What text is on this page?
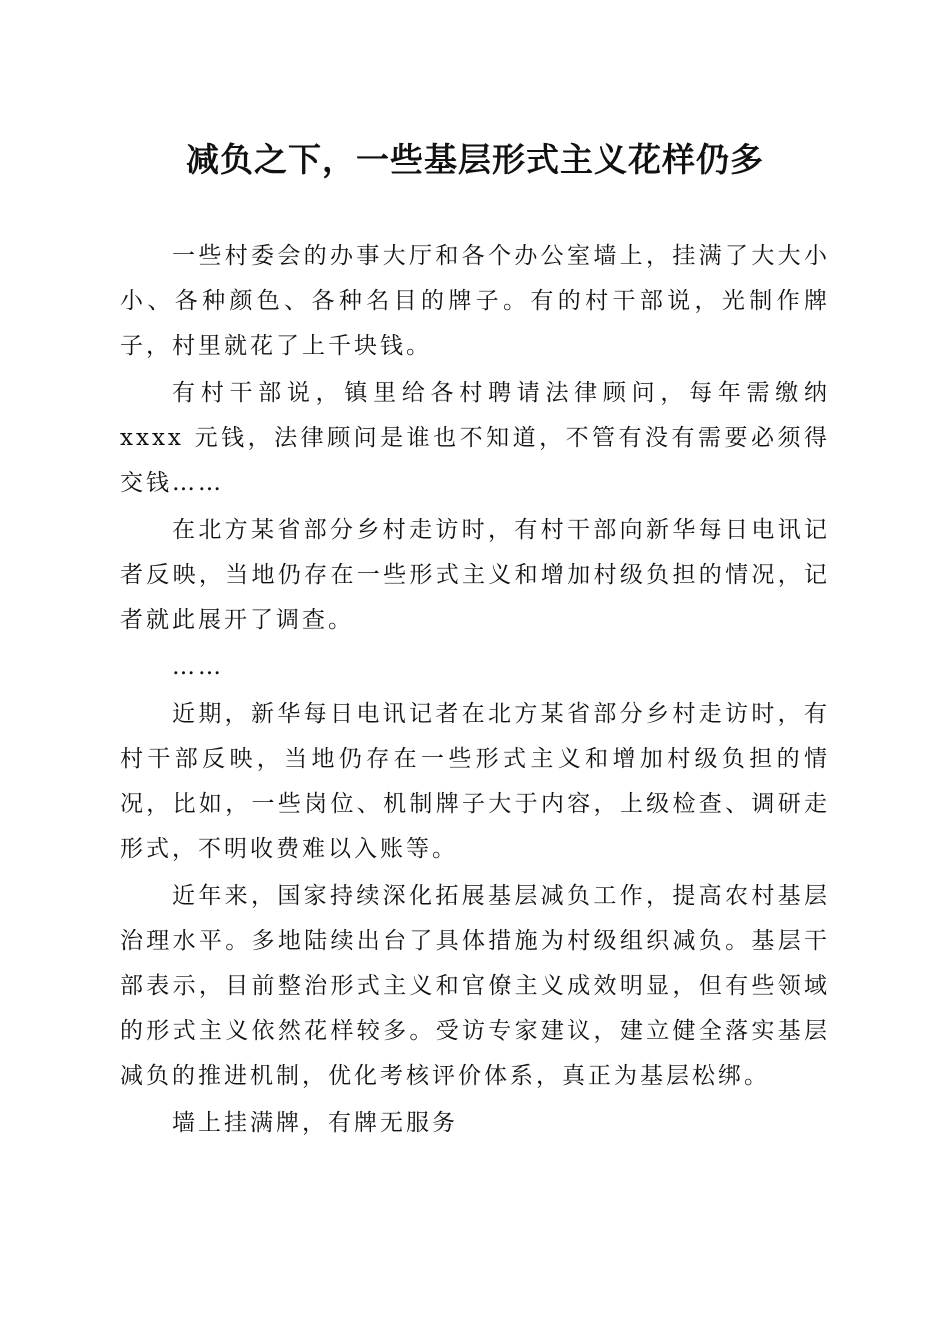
减负之下，一些基层形式主义花样仍多

一些村委会的办事大厅和各个办公室墙上，挂满了大大小小、各种颜色、各种名目的牌子。有的村干部说，光制作牌子，村里就花了上千块钱。

有村干部说，镇里给各村聘请法律顾问，每年需缴纳 xxxx 元钱，法律顾问是谁也不知道，不管有没有需要必须得交钱……

在北方某省部分乡村走访时，有村干部向新华每日电讯记者反映，当地仍存在一些形式主义和增加村级负担的情况，记者就此展开了调查。

……

近期，新华每日电讯记者在北方某省部分乡村走访时，有村干部反映，当地仍存在一些形式主义和增加村级负担的情况，比如，一些岗位、机制牌子大于内容，上级检查、调研走形式，不明收费难以入账等。

近年来，国家持续深化拓展基层减负工作，提高农村基层治理水平。多地陆续出台了具体措施为村级组织减负。基层干部表示，目前整治形式主义和官僚主义成效明显，但有些领域的形式主义依然花样较多。受访专家建议，建立健全落实基层减负的推进机制，优化考核评价体系，真正为基层松绑。

墙上挂满牌，有牌无服务
